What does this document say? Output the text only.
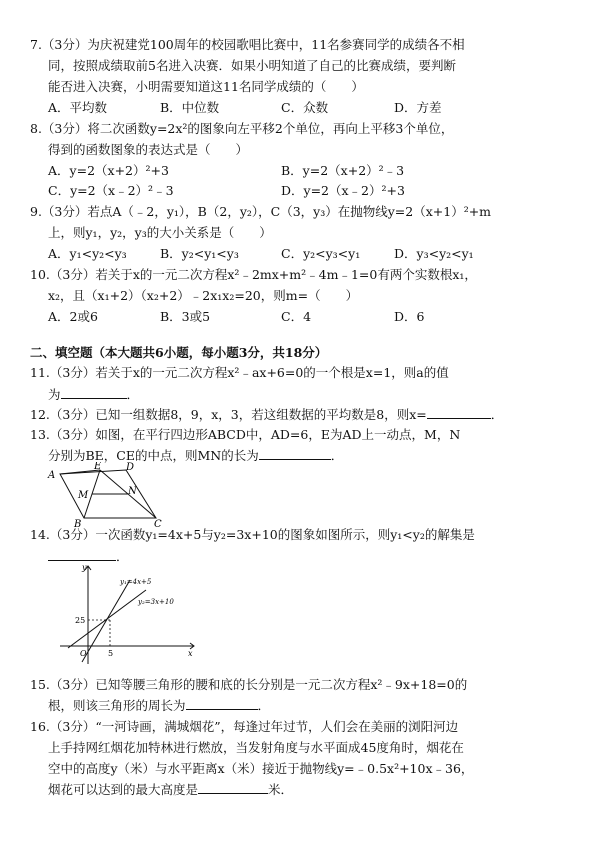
7.（3分）为庆祝建党100周年的校园歌唱比赛中，11名参赛同学的成绩各不相
同，按照成绩取前5名进入决赛．如果小明知道了自己的比赛成绩，要判断
能否进入决赛，小明需要知道这11名同学成绩的（　　）
A．平均数	B．中位数	C．众数	D．方差
8.（3分）将二次函数y=2x²的图象向左平移2个单位，再向上平移3个单位，
得到的函数图象的表达式是（　　）
A．y=2（x+2）²+3	B．y=2（x+2）²﹣3
C．y=2（x﹣2）²﹣3	D．y=2（x﹣2）²+3
9.（3分）若点A（﹣2，y₁），B（2，y₂），C（3，y₃）在抛物线y=2（x+1）²+m
上，则y₁，y₂，y₃的大小关系是（　　）
A．y₁<y₂<y₃	B．y₂<y₁<y₃	C．y₂<y₃<y₁	D．y₃<y₂<y₁
10.（3分）若关于x的一元二次方程x²﹣2mx+m²﹣4m﹣1=0有两个实数根x₁，
x₂，且（x₁+2）（x₂+2）﹣2x₁x₂=20，则m=（　　）
A．2或6	B．3或5	C．4	D．6
二、填空题（本大题共6小题，每小题3分，共18分）
11.（3分）若关于x的一元二次方程x²﹣ax+6=0的一个根是x=1，则a的值
为	．
12.（3分）已知一组数据8，9，x，3，若这组数据的平均数是8，则x=	．
13.（3分）如图，在平行四边形ABCD中，AD=6，E为AD上一动点，M，N
分别为BE，CE的中点，则MN的长为	．
A
E D
M	N
B	C
14.（3分）一次函数y₁=4x+5与y₂=3x+10的图象如图所示，则y₁<y₂的解集是
．
y
x
O
25
5
y₁=4x+5
y₂=3x+10
15.（3分）已知等腰三角形的腰和底的长分别是一元二次方程x²﹣9x+18=0的
根，则该三角形的周长为	．
16.（3分）“一河诗画，满城烟花”，每逢过年过节，人们会在美丽的浏阳河边
上手持网红烟花加特林进行燃放，当发射角度与水平面成45度角时，烟花在
空中的高度y（米）与水平距离x（米）接近于抛物线y=﹣0.5x²+10x﹣36，
烟花可以达到的最大高度是	米．
